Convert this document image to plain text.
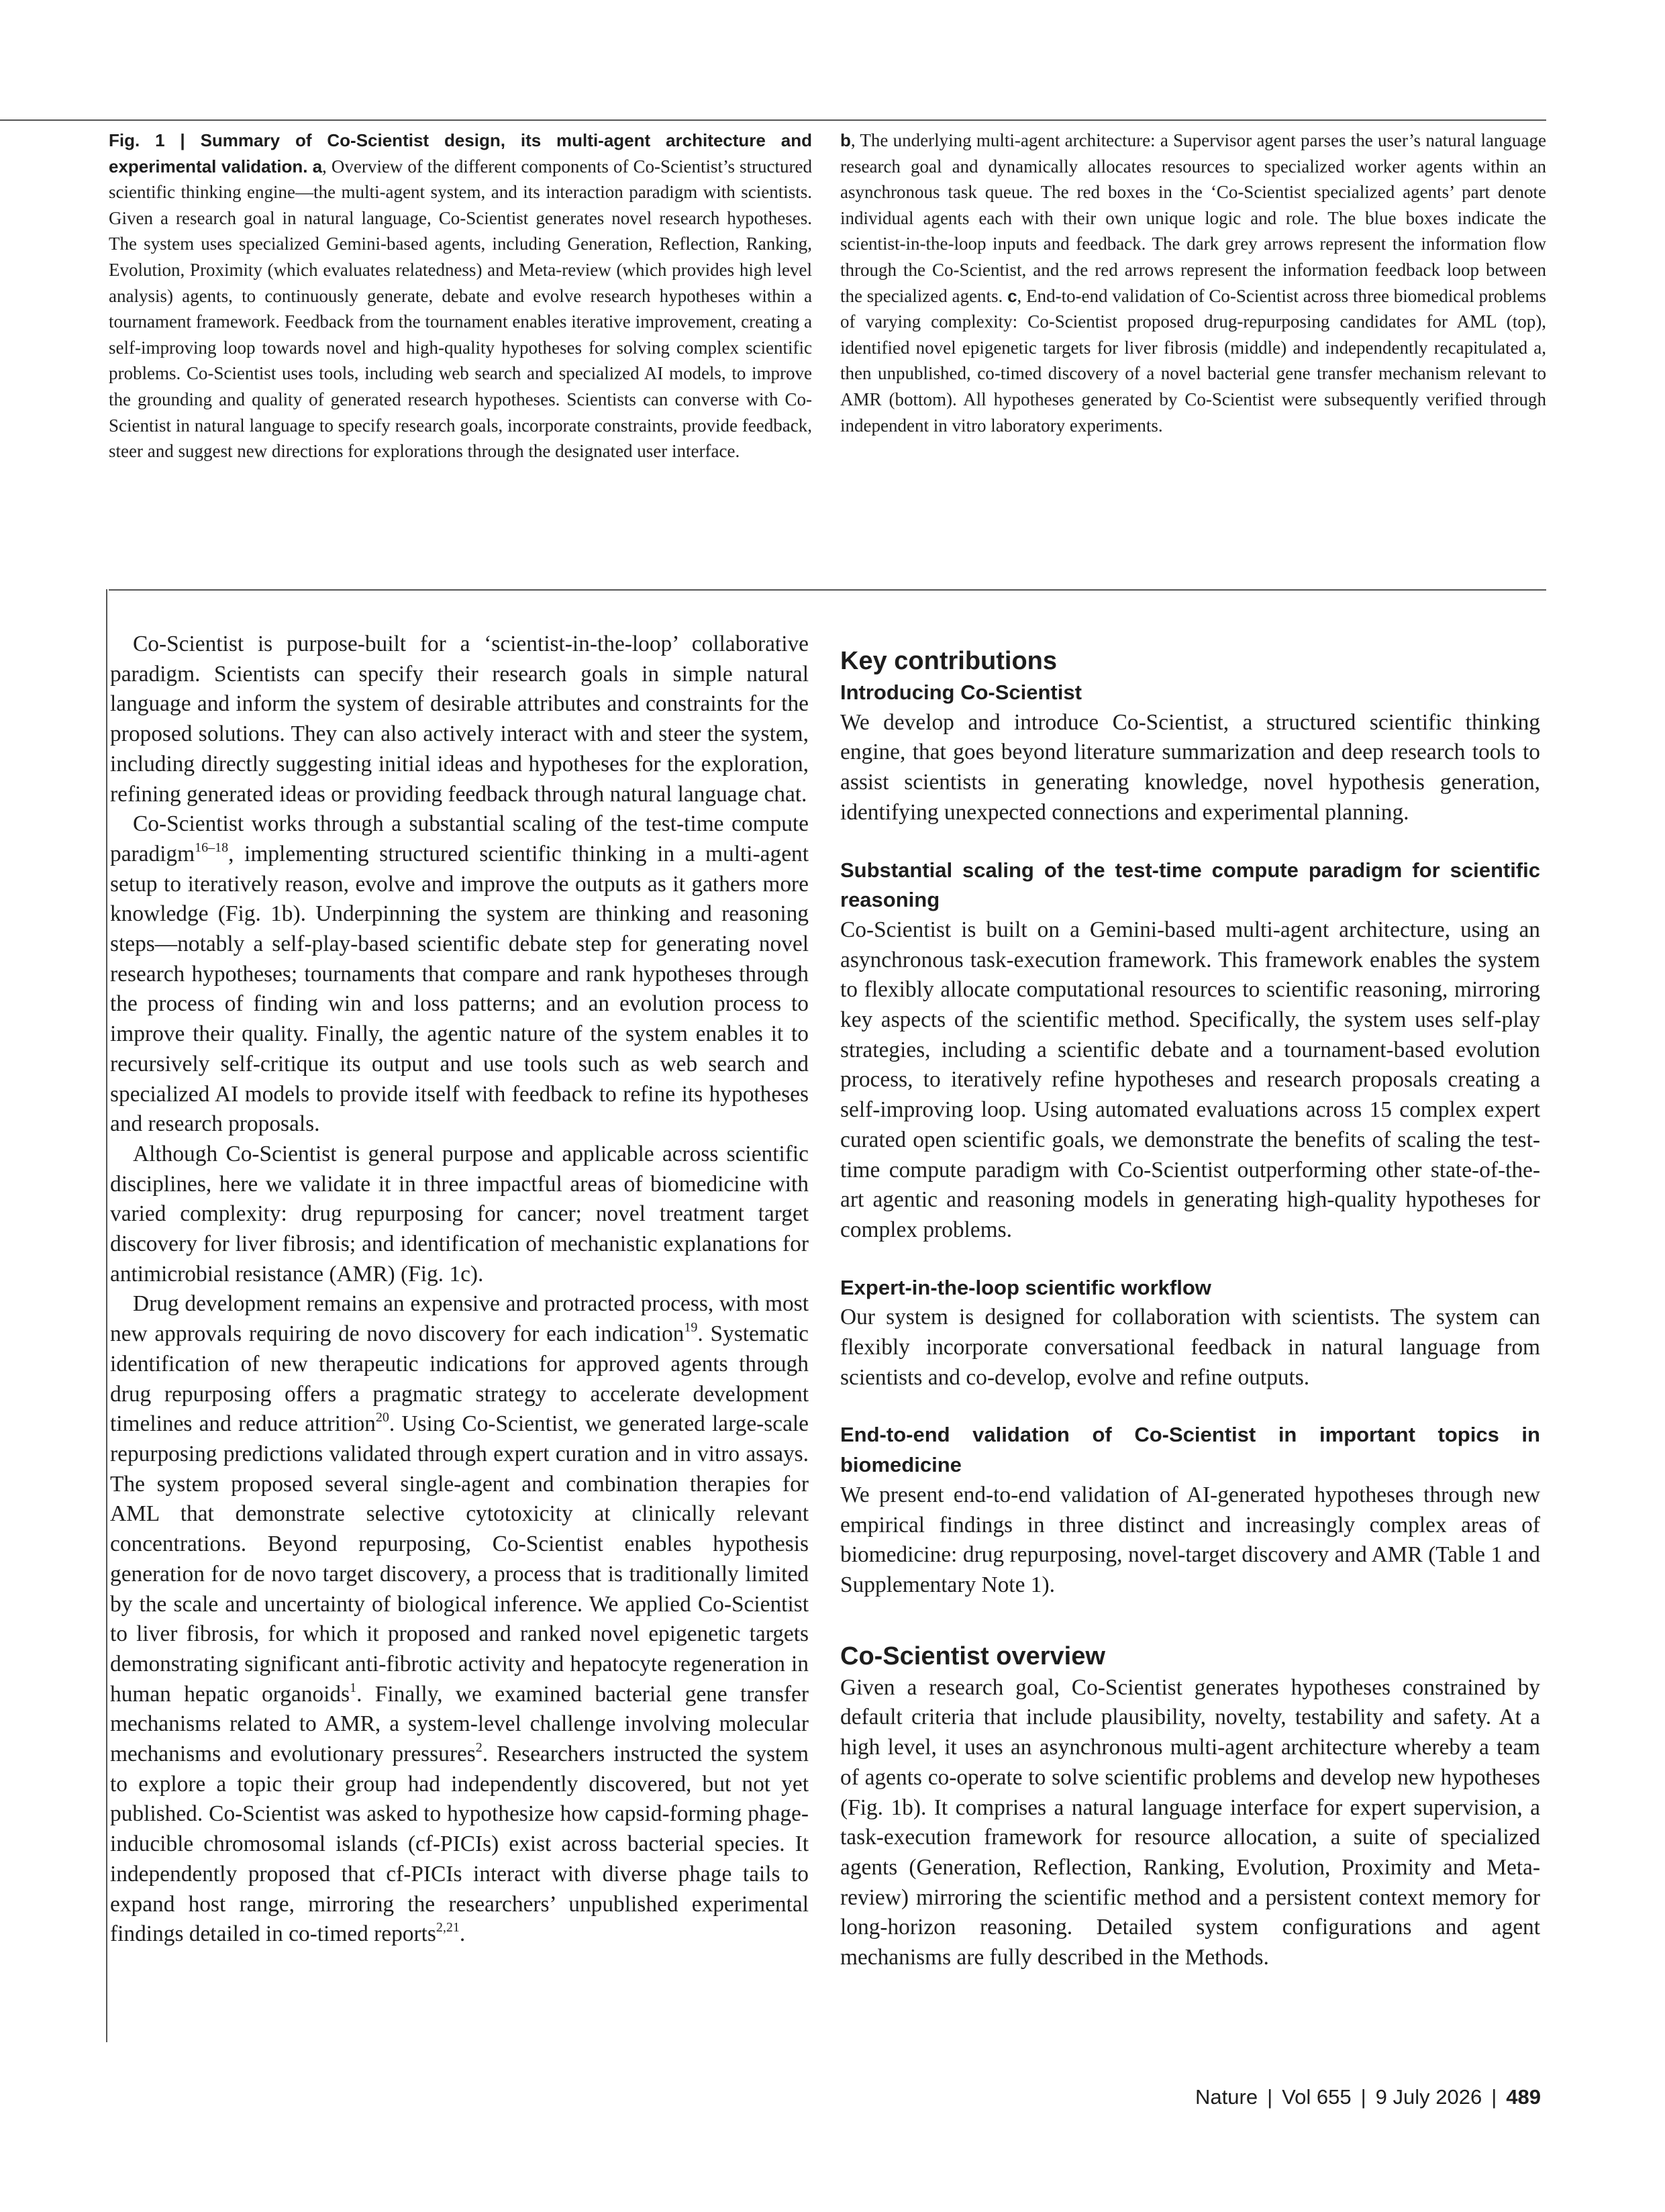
Fig. 1 | Summary of Co-Scientist design, its multi-agent architecture and experimental validation. a, Overview of the different components of Co-Scientist’s structured scientific thinking engine—the multi-agent system, and its interaction paradigm with scientists. Given a research goal in natural language, Co-Scientist generates novel research hypotheses. The system uses specialized Gemini-based agents, including Generation, Reflection, Ranking, Evolution, Proximity (which evaluates relatedness) and Meta-review (which provides high level analysis) agents, to continuously generate, debate and evolve research hypotheses within a tournament framework. Feedback from the tournament enables iterative improvement, creating a self-improving loop towards novel and high-quality hypotheses for solving complex scientific problems. Co-Scientist uses tools, including web search and specialized AI models, to improve the grounding and quality of generated research hypotheses. Scientists can converse with Co-Scientist in natural language to specify research goals, incorporate constraints, provide feedback, steer and suggest new directions for explorations through the designated user interface.
b, The underlying multi-agent architecture: a Supervisor agent parses the user’s natural language research goal and dynamically allocates resources to specialized worker agents within an asynchronous task queue. The red boxes in the ‘Co-Scientist specialized agents’ part denote individual agents each with their own unique logic and role. The blue boxes indicate the scientist-in-the-loop inputs and feedback. The dark grey arrows represent the information flow through the Co-Scientist, and the red arrows represent the information feedback loop between the specialized agents. c, End-to-end validation of Co-Scientist across three biomedical problems of varying complexity: Co-Scientist proposed drug-repurposing candidates for AML (top), identified novel epigenetic targets for liver fibrosis (middle) and independently recapitulated a, then unpublished, co-timed discovery of a novel bacterial gene transfer mechanism relevant to AMR (bottom). All hypotheses generated by Co-Scientist were subsequently verified through independent in vitro laboratory experiments.

Co-Scientist is purpose-built for a ‘scientist-in-the-loop’ collaborative paradigm. Scientists can specify their research goals in simple natural language and inform the system of desirable attributes and constraints for the proposed solutions. They can also actively interact with and steer the system, including directly suggesting initial ideas and hypotheses for the exploration, refining generated ideas or providing feedback through natural language chat.

Co-Scientist works through a substantial scaling of the test-time compute paradigm$^{16-18}$, implementing structured scientific thinking in a multi-agent setup to iteratively reason, evolve and improve the outputs as it gathers more knowledge (Fig. 1b). Underpinning the system are thinking and reasoning steps—notably a self-play-based scientific debate step for generating novel research hypotheses; tournaments that compare and rank hypotheses through the process of finding win and loss patterns; and an evolution process to improve their quality. Finally, the agentic nature of the system enables it to recursively self-critique its output and use tools such as web search and specialized AI models to provide itself with feedback to refine its hypotheses and research proposals.

Although Co-Scientist is general purpose and applicable across scientific disciplines, here we validate it in three impactful areas of biomedicine with varied complexity: drug repurposing for cancer; novel treatment target discovery for liver fibrosis; and identification of mechanistic explanations for antimicrobial resistance (AMR) (Fig. 1c).

Drug development remains an expensive and protracted process, with most new approvals requiring de novo discovery for each indication$^{19}$. Systematic identification of new therapeutic indications for approved agents through drug repurposing offers a pragmatic strategy to accelerate development timelines and reduce attrition$^{20}$. Using Co-Scientist, we generated large-scale repurposing predictions validated through expert curation and in vitro assays. The system proposed several single-agent and combination therapies for AML that demonstrate selective cytotoxicity at clinically relevant concentrations. Beyond repurposing, Co-Scientist enables hypothesis generation for de novo target discovery, a process that is traditionally limited by the scale and uncertainty of biological inference. We applied Co-Scientist to liver fibrosis, for which it proposed and ranked novel epigenetic targets demonstrating significant anti-fibrotic activity and hepatocyte regeneration in human hepatic organoids$^1$. Finally, we examined bacterial gene transfer mechanisms related to AMR, a system-level challenge involving molecular mechanisms and evolutionary pressures$^2$. Researchers instructed the system to explore a topic their group had independently discovered, but not yet published. Co-Scientist was asked to hypothesize how capsid-forming phage-inducible chromosomal islands (cf-PICIs) exist across bacterial species. It independently proposed that cf-PICIs interact with diverse phage tails to expand host range, mirroring the researchers’ unpublished experimental findings detailed in co-timed reports$^{2,21}$.

Key contributions
Introducing Co-Scientist

We develop and introduce Co-Scientist, a structured scientific thinking engine, that goes beyond literature summarization and deep research tools to assist scientists in generating knowledge, novel hypothesis generation, identifying unexpected connections and experimental planning.

Substantial scaling of the test-time compute paradigm for scientific reasoning

Co-Scientist is built on a Gemini-based multi-agent architecture, using an asynchronous task-execution framework. This framework enables the system to flexibly allocate computational resources to scientific reasoning, mirroring key aspects of the scientific method. Specifically, the system uses self-play strategies, including a scientific debate and a tournament-based evolution process, to iteratively refine hypotheses and research proposals creating a self-improving loop. Using automated evaluations across 15 complex expert curated open scientific goals, we demonstrate the benefits of scaling the test-time compute paradigm with Co-Scientist outperforming other state-of-the-art agentic and reasoning models in generating high-quality hypotheses for complex problems.

Expert-in-the-loop scientific workflow

Our system is designed for collaboration with scientists. The system can flexibly incorporate conversational feedback in natural language from scientists and co-develop, evolve and refine outputs.

End-to-end validation of Co-Scientist in important topics in biomedicine

We present end-to-end validation of AI-generated hypotheses through new empirical findings in three distinct and increasingly complex areas of biomedicine: drug repurposing, novel-target discovery and AMR (Table 1 and Supplementary Note 1).

Co-Scientist overview

Given a research goal, Co-Scientist generates hypotheses constrained by default criteria that include plausibility, novelty, testability and safety. At a high level, it uses an asynchronous multi-agent architecture whereby a team of agents co-operate to solve scientific problems and develop new hypotheses (Fig. 1b). It comprises a natural language interface for expert supervision, a task-execution framework for resource allocation, a suite of specialized agents (Generation, Reflection, Ranking, Evolution, Proximity and Meta-review) mirroring the scientific method and a persistent context memory for long-horizon reasoning. Detailed system configurations and agent mechanisms are fully described in the Methods.

Nature | Vol 655 | 9 July 2026 | 489
